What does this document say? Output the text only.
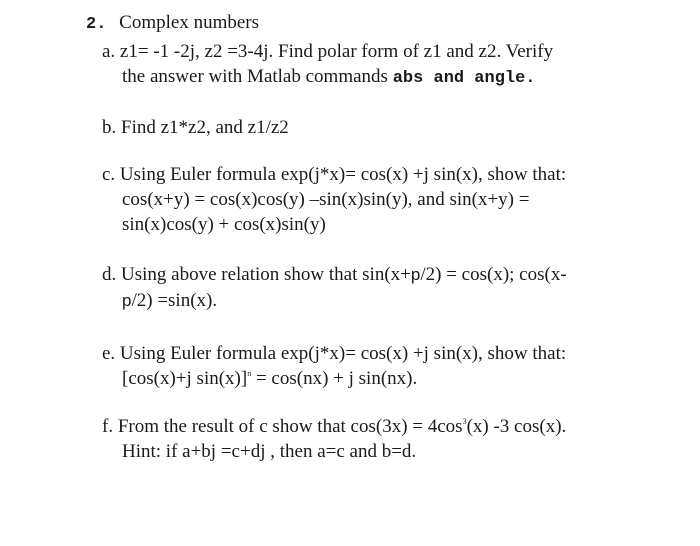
2. Complex numbers
a. z1= -1 -2j, z2 =3-4j. Find polar form of z1 and z2. Verify
the answer with Matlab commands abs and angle.
b. Find z1*z2, and z1/z2
c. Using Euler formula exp(j*x)= cos(x) +j sin(x), show that:
cos(x+y) = cos(x)cos(y) –sin(x)sin(y), and sin(x+y) =
sin(x)cos(y) + cos(x)sin(y)
d. Using above relation show that sin(x+p/2) = cos(x); cos(x-
p/2) =sin(x).
e. Using Euler formula exp(j*x)= cos(x) +j sin(x), show that:
[cos(x)+j sin(x)]$^n$ = cos(nx) + j sin(nx).
f. From the result of c show that $\cos(3x) = 4\cos^3(x)$ -3 cos(x).
Hint: if a+bj =c+dj , then a=c and b=d.
